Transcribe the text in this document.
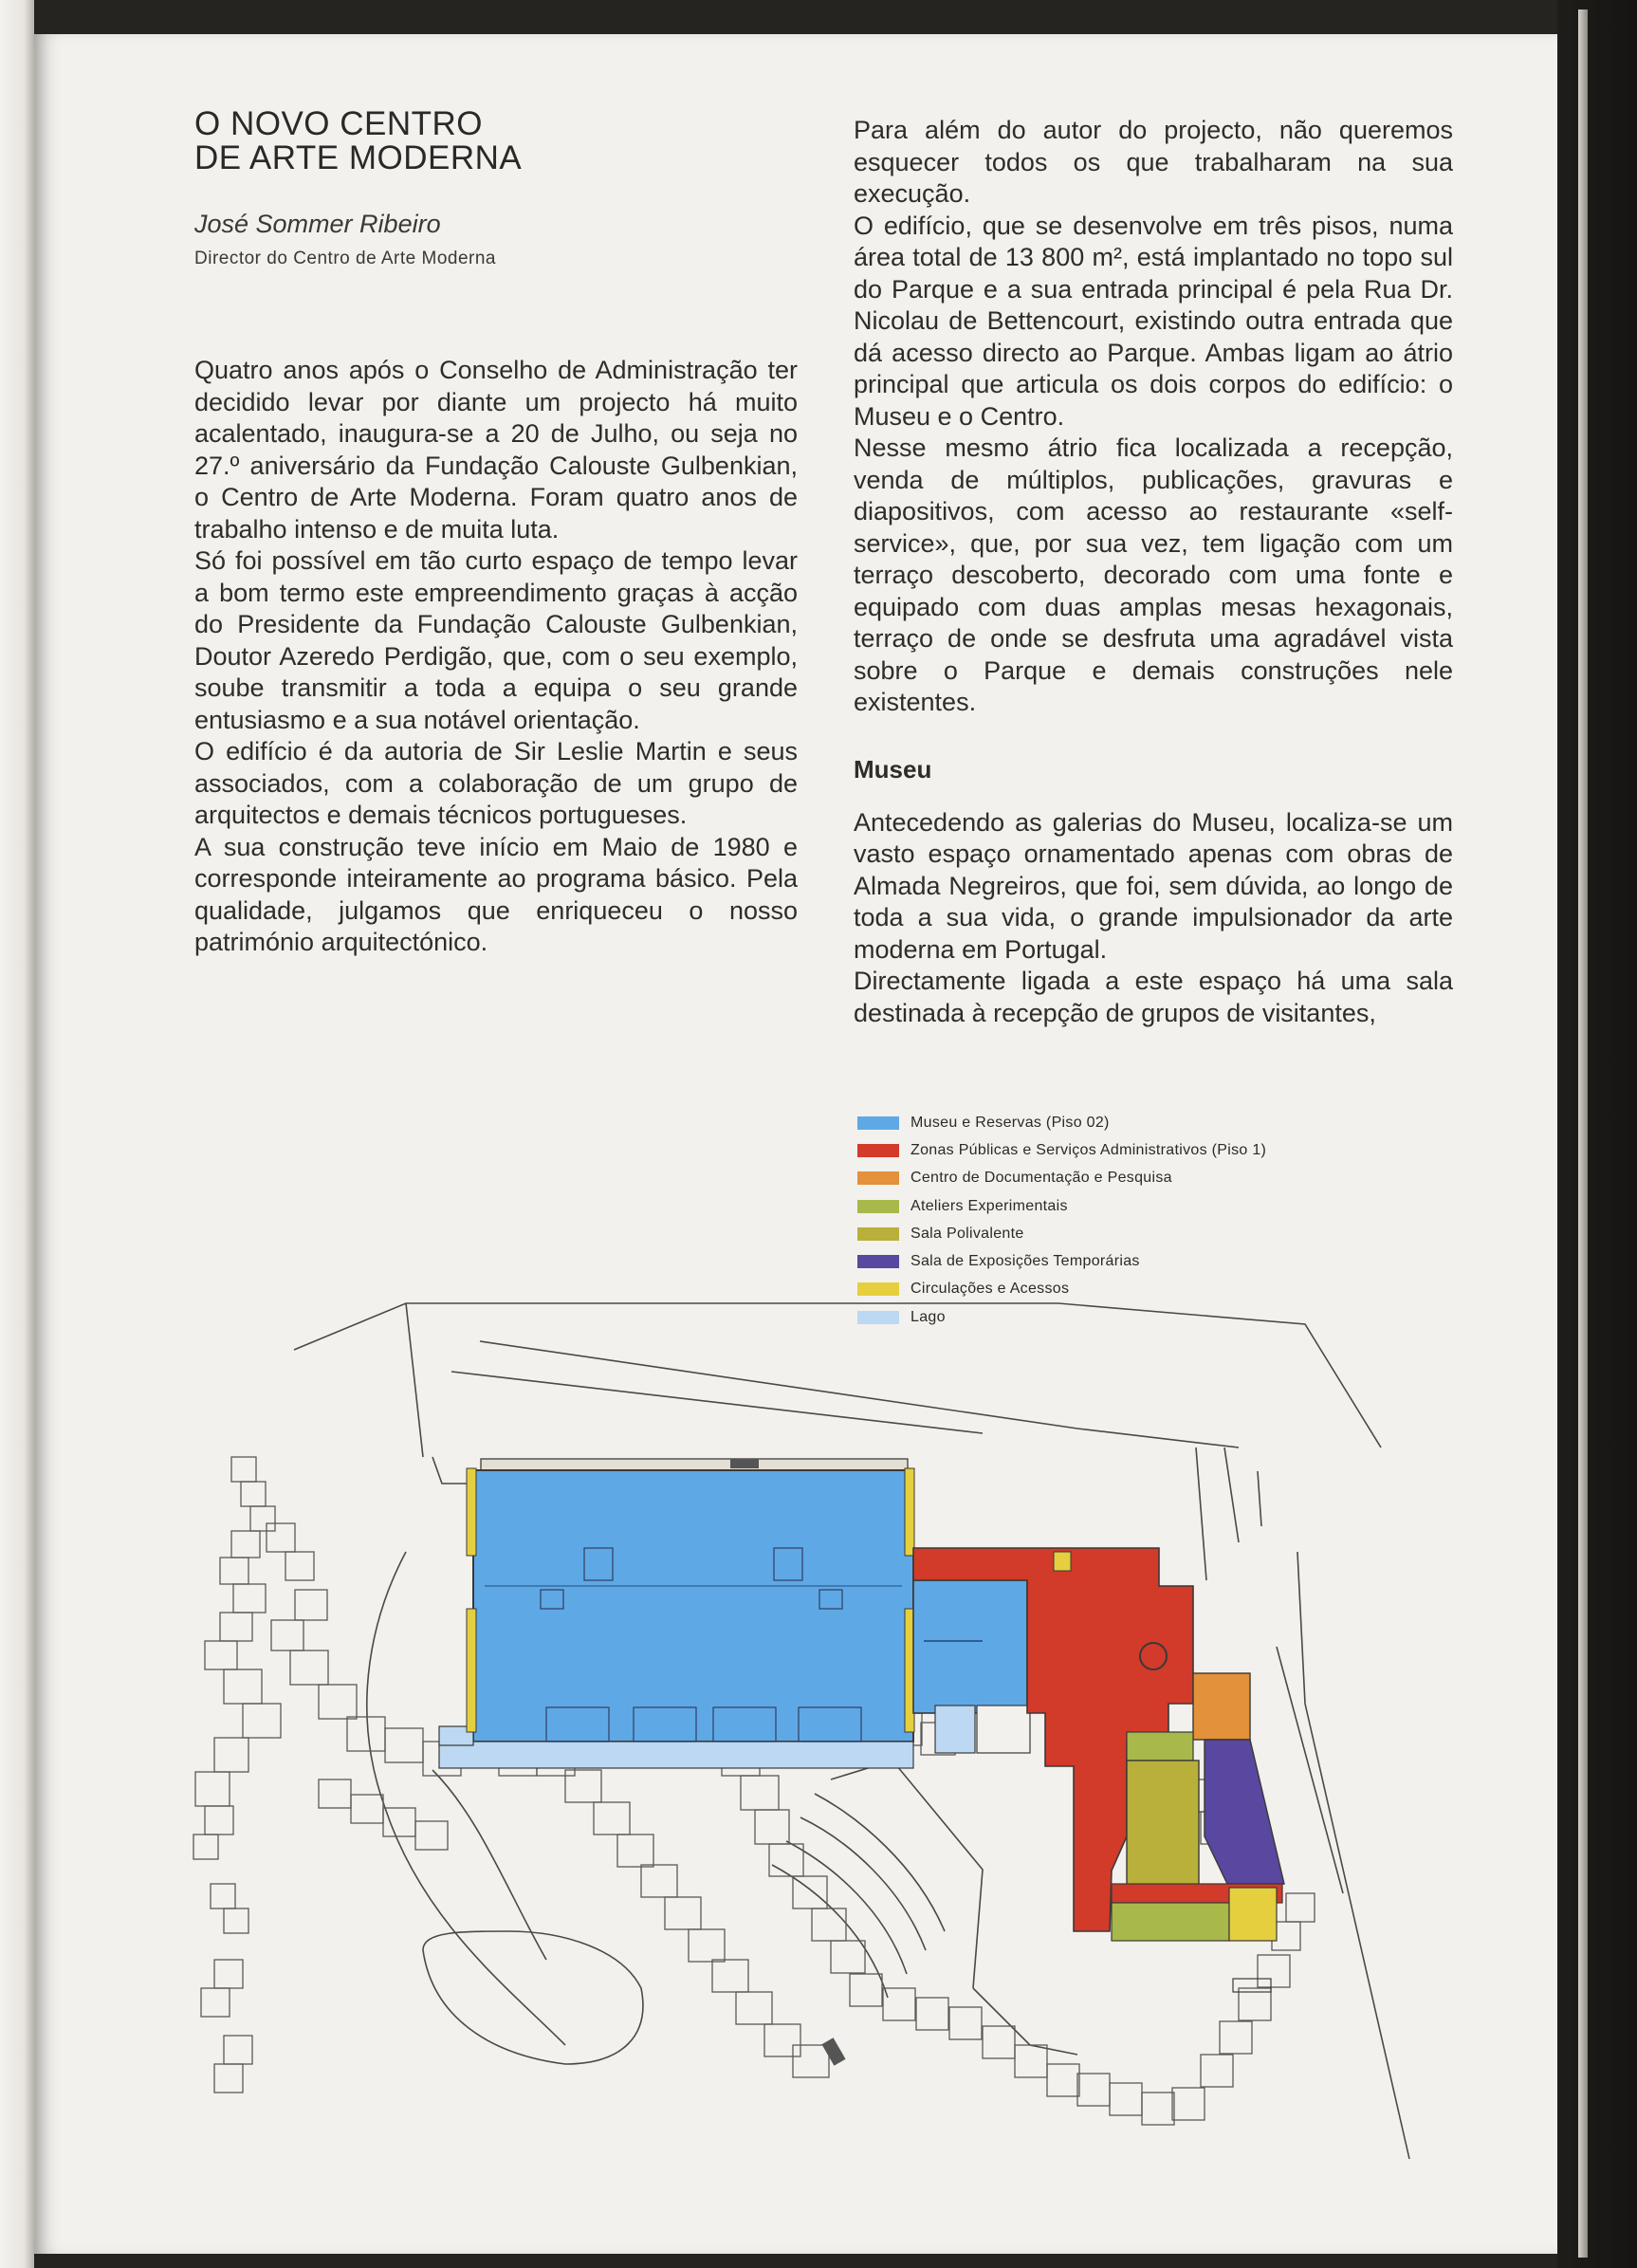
O NOVO CENTRO
DE ARTE MODERNA
José Sommer Ribeiro
Director do Centro de Arte Moderna

Quatro anos após o Conselho de Administração ter decidido levar por diante um projecto há muito acalentado, inaugura-se a 20 de Julho, ou seja no 27.º aniversário da Fundação Calouste Gulbenkian, o Centro de Arte Moderna. Foram quatro anos de trabalho intenso e de muita luta.

Só foi possível em tão curto espaço de tempo levar a bom termo este empreendimento graças à acção do Presidente da Fundação Calouste Gulbenkian, Doutor Azeredo Perdigão, que, com o seu exemplo, soube transmitir a toda a equipa o seu grande entusiasmo e a sua notável orientação.

O edifício é da autoria de Sir Leslie Martin e seus associados, com a colaboração de um grupo de arquitectos e demais técnicos portugueses.

A sua construção teve início em Maio de 1980 e corresponde inteiramente ao programa básico. Pela qualidade, julgamos que enriqueceu o nosso património arquitectónico.

Para além do autor do projecto, não queremos esquecer todos os que trabalharam na sua execução.

O edifício, que se desenvolve em três pisos, numa área total de 13 800 m², está implantado no topo sul do Parque e a sua entrada principal é pela Rua Dr. Nicolau de Bettencourt, existindo outra entrada que dá acesso directo ao Parque. Ambas ligam ao átrio principal que articula os dois corpos do edifício: o Museu e o Centro.

Nesse mesmo átrio fica localizada a recepção, venda de múltiplos, publicações, gravuras e diapositivos, com acesso ao restaurante «self-service», que, por sua vez, tem ligação com um terraço descoberto, decorado com uma fonte e equipado com duas amplas mesas hexagonais, terraço de onde se desfruta uma agradável vista sobre o Parque e demais construções nele existentes.

Museu

Antecedendo as galerias do Museu, localiza-se um vasto espaço ornamentado apenas com obras de Almada Negreiros, que foi, sem dúvida, ao longo de toda a sua vida, o grande impulsionador da arte moderna em Portugal.

Directamente ligada a este espaço há uma sala destinada à recepção de grupos de visitantes,

Museu e Reservas (Piso 02)
Zonas Públicas e Serviços Administrativos (Piso 1)
Centro de Documentação e Pesquisa
Ateliers Experimentais
Sala Polivalente
Sala de Exposições Temporárias
Circulações e Acessos
Lago
